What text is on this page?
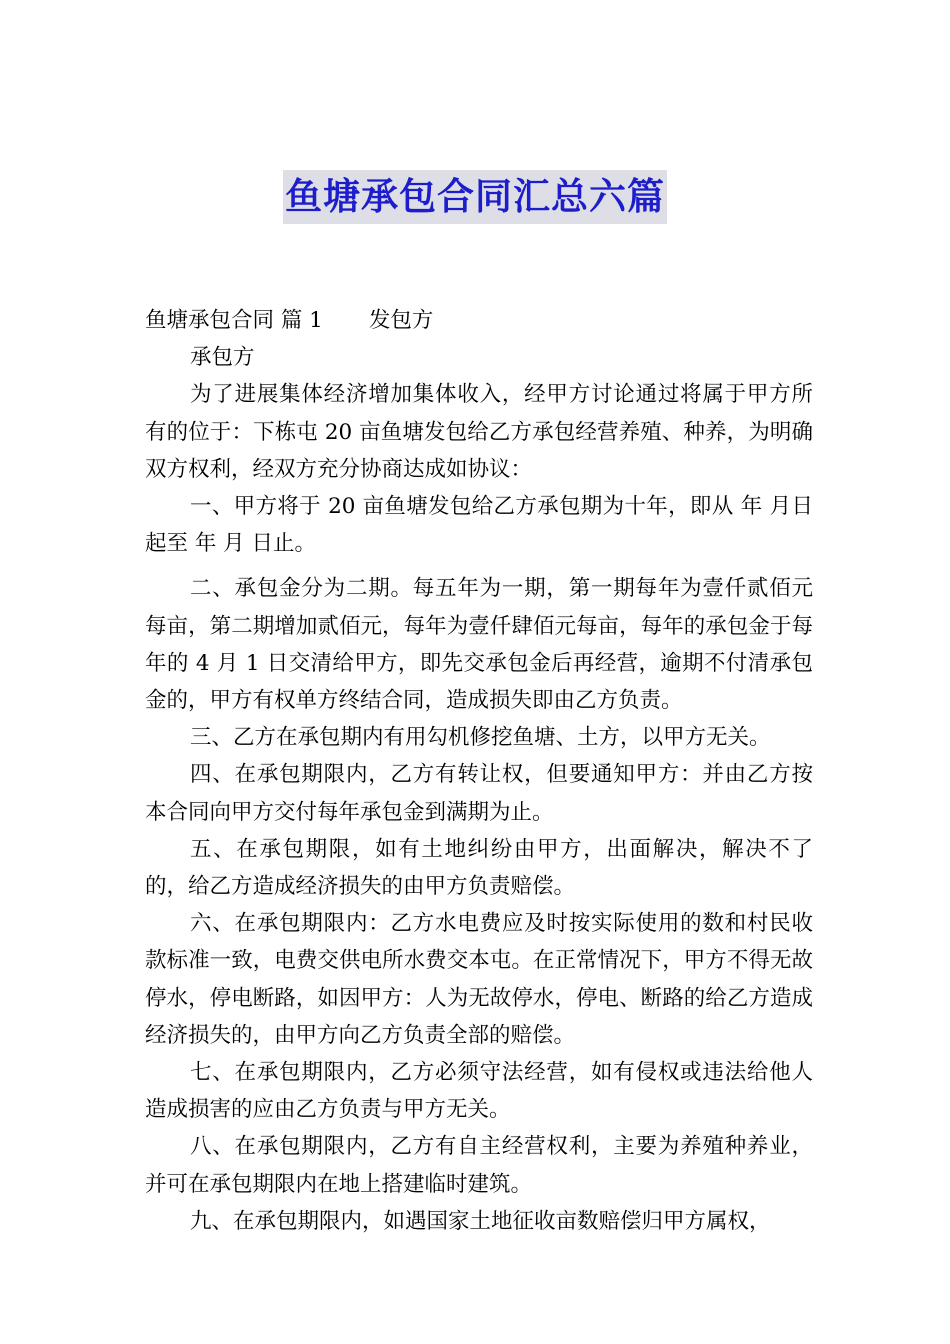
鱼塘承包合同汇总六篇

鱼塘承包合同 篇 1 发包方

承包方

为了进展集体经济增加集体收入，经甲方讨论通过将属于甲方所有的位于：下栋屯 20 亩鱼塘发包给乙方承包经营养殖、种养，为明确双方权利，经双方充分协商达成如协议：

一、甲方将于 20 亩鱼塘发包给乙方承包期为十年，即从 年 月日起至 年 月 日止。

二、承包金分为二期。每五年为一期，第一期每年为壹仟贰佰元每亩，第二期增加贰佰元，每年为壹仟肆佰元每亩，每年的承包金于每年的 4 月 1 日交清给甲方，即先交承包金后再经营，逾期不付清承包金的，甲方有权单方终结合同，造成损失即由乙方负责。

三、乙方在承包期内有用勾机修挖鱼塘、土方，以甲方无关。

四、在承包期限内，乙方有转让权，但要通知甲方：并由乙方按本合同向甲方交付每年承包金到满期为止。

五、在承包期限，如有土地纠纷由甲方，出面解决，解决不了的，给乙方造成经济损失的由甲方负责赔偿。

六、在承包期限内：乙方水电费应及时按实际使用的数和村民收款标准一致，电费交供电所水费交本屯。在正常情况下，甲方不得无故停水，停电断路，如因甲方：人为无故停水，停电、断路的给乙方造成经济损失的，由甲方向乙方负责全部的赔偿。

七、在承包期限内，乙方必须守法经营，如有侵权或违法给他人造成损害的应由乙方负责与甲方无关。

八、在承包期限内，乙方有自主经营权利，主要为养殖种养业，并可在承包期限内在地上搭建临时建筑。

九、在承包期限内，如遇国家土地征收亩数赔偿归甲方属权，
